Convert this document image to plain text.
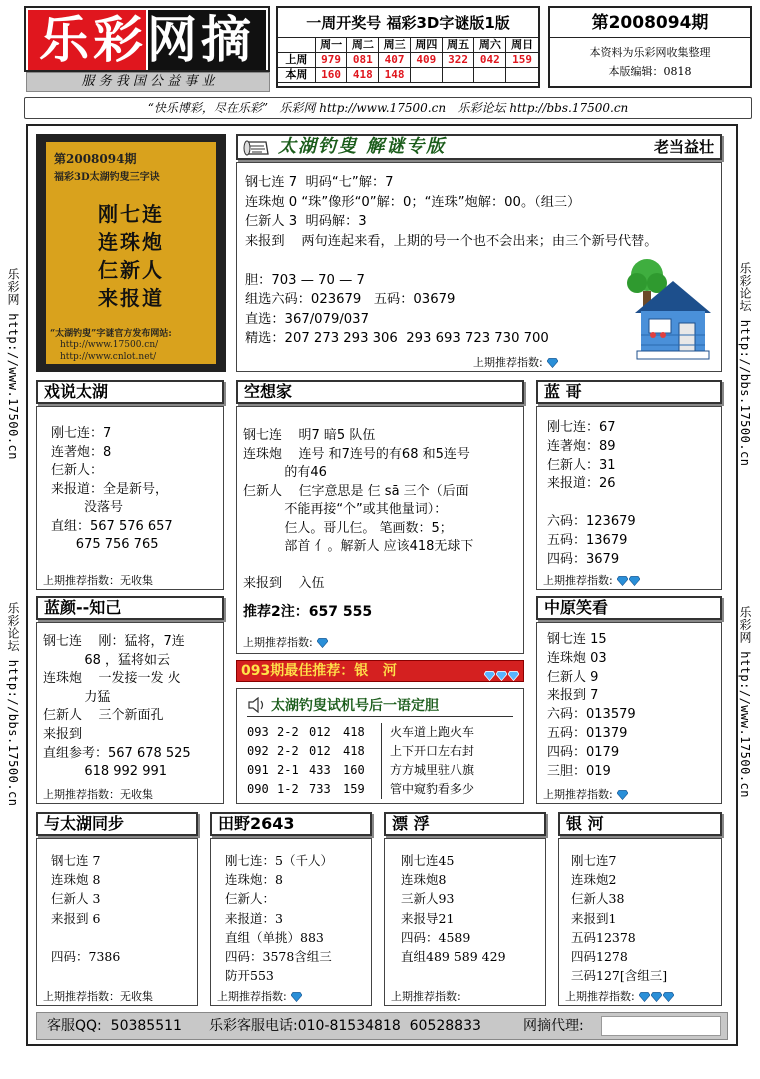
乐彩网摘
服 务 我 国 公 益 事 业
一周开奖号 福彩3D字谜版1版
周一 周二 周三 周四 周五 周六 周日
上周	979	081	407	409	322	042	159
本周	160	418	148
第2008094期
本资料为乐彩网收集整理
本版编辑：0818
“快乐博彩，尽在乐彩”   乐彩网 http://www.17500.cn   乐彩论坛 http://bbs.17500.cn
乐彩网 http://www.17500.cn
乐彩论坛 http://bbs.17500.cn
乐彩论坛 http://bbs.17500.cn
乐彩网 http://www.17500.cn
第2008094期
福彩3D太湖钓叟三字诀
刚七连
连珠炮
仨新人
来报道
“太湖钓叟”字谜官方发布网站:
http://www.17500.cn/
http://www.cnlot.net/
太湖钓叟 解谜专版	老当益壮
钢七连 7  明码“七”解：7
连珠炮 0 “珠”像形“0”解：0；“连珠”炮解：00。（组三）
仨新人 3  明码解：3
来报到    两句连起来看，上期的号一个也不会出来；由三个新号代替。
胆：703 — 70 — 7
组选六码：023679   五码：03679
直选：367/079/037
精选：207 273 293 306  293 693 723 730 700
上期推荐指数:
戏说太湖
刚七连：7
连著炮：8
仨新人：
来报道：全是新号，
没落号
直组：567 576 657
675 756 765
上期推荐指数：无收集
空想家
钢七连    明7 暗5 队伍
连珠炮    连号 和7连号的有68 和5连号
的有46
仨新人    仨字意思是 仨 sā 三个（后面
不能再接“个”或其他量词）：
仨人。哥儿仨。 笔画数：5；
部首 亻。解新人 应该418无球下
来报到    入伍
推荐2注：657 555
上期推荐指数:
蓝 哥
刚七连：67
连著炮：89
仨新人：31
来报道：26
六码：123679
五码：13679
四码：3679
上期推荐指数:
蓝颜--知己
钢七连    刚：猛将，7连
68 ，猛将如云
连珠炮    一发接一发 火
力猛
仨新人    三个新面孔
来报到
直组参考：567 678 525
618 992 991
上期推荐指数：无收集
093期最佳推荐：银   河
太湖钓叟试机号后一语定胆
093 2-2 012	418	火车道上跑火车
092 2-2 012	418	上下开口左右封
091 2-1 433	160	方方城里驻八旗
090 1-2 733	159	管中窥豹看多少
中原笑看
钢七连 15
连珠炮 03
仨新人 9
来报到 7
六码：013579
五码：01379
四码：0179
三胆：019
上期推荐指数:
与太湖同步
钢七连 7
连珠炮 8
仨新人 3
来报到 6
四码：7386
上期推荐指数：无收集
田野2643
刚七连：5（千人）
连珠炮：8
仨新人：
来报道：3
直组（单挑）883
四码：3578含组三
防开553
上期推荐指数:
漂 浮
刚七连45
连珠炮8
三新人93
来报导21
四码：4589
直组489 589 429
上期推荐指数:
银 河
刚七连7
连珠炮2
仨新人38
来报到1
五码12378
四码1278
三码127[含组三]
上期推荐指数:
客服QQ:  50385511 乐彩客服电话:010-81534818  60528833	网摘代理:
